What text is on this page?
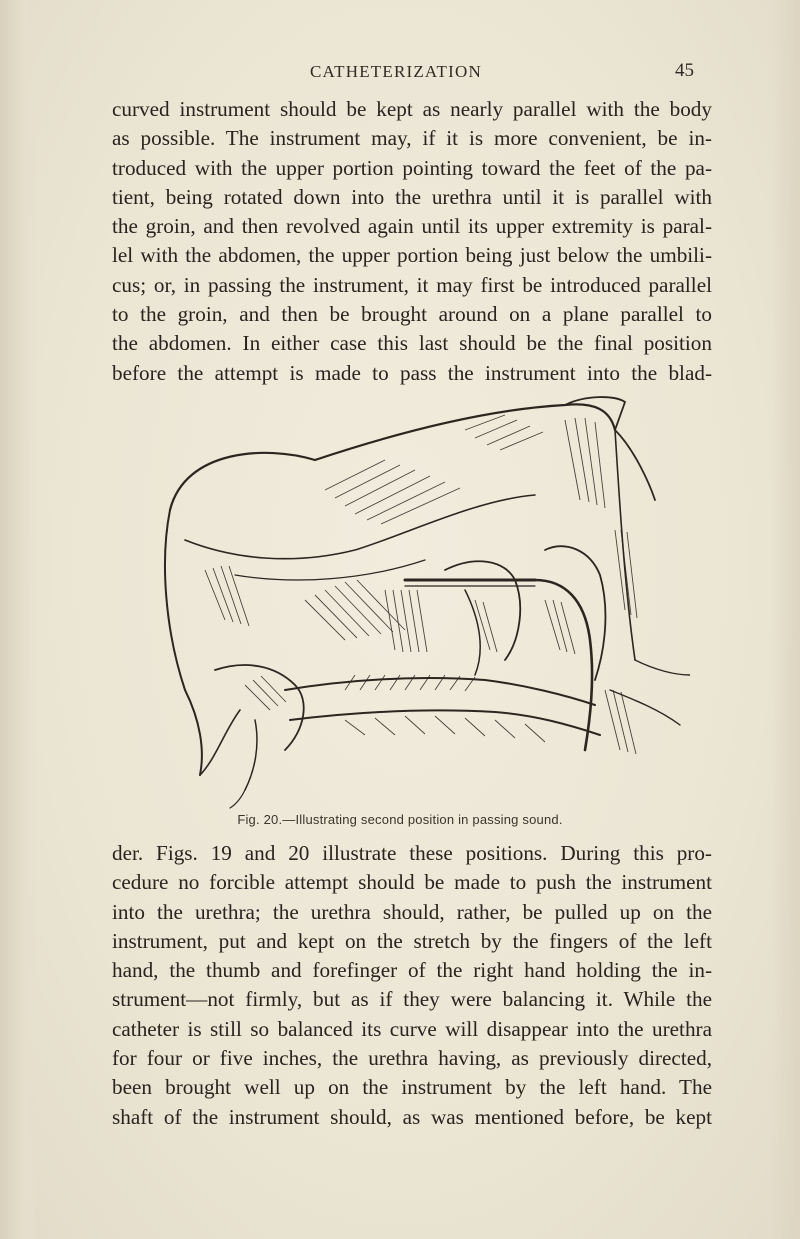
CATHETERIZATION	45
curved instrument should be kept as nearly parallel with the body
as possible. The instrument may, if it is more convenient, be in-
troduced with the upper portion pointing toward the feet of the pa-
tient, being rotated down into the urethra until it is parallel with
the groin, and then revolved again until its upper extremity is paral-
lel with the abdomen, the upper portion being just below the umbili-
cus; or, in passing the instrument, it may first be introduced parallel
to the groin, and then be brought around on a plane parallel to
the abdomen. In either case this last should be the final position
before the attempt is made to pass the instrument into the blad-
Fig. 20.—Illustrating second position in passing sound.
der. Figs. 19 and 20 illustrate these positions. During this pro-
cedure no forcible attempt should be made to push the instrument
into the urethra; the urethra should, rather, be pulled up on the
instrument, put and kept on the stretch by the fingers of the left
hand, the thumb and forefinger of the right hand holding the in-
strument—not firmly, but as if they were balancing it. While the
catheter is still so balanced its curve will disappear into the urethra
for four or five inches, the urethra having, as previously directed,
been brought well up on the instrument by the left hand. The
shaft of the instrument should, as was mentioned before, be kept
